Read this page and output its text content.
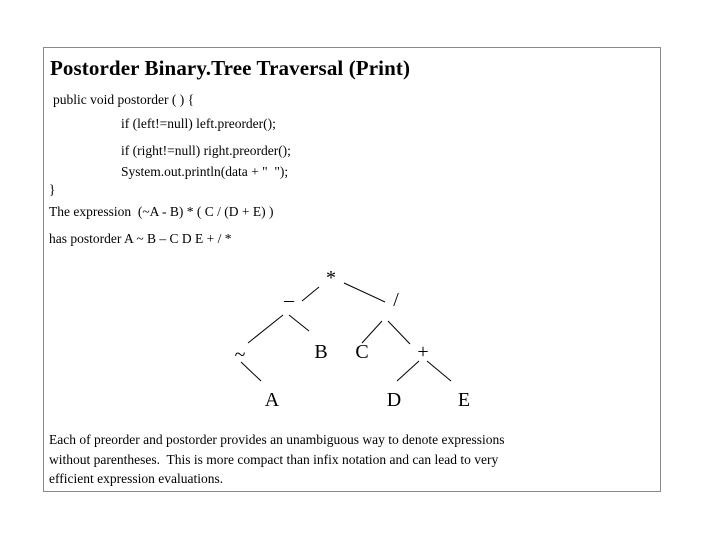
Postorder Binary.Tree Traversal (Print)
public void postorder ( ) {
if (left!=null) left.preorder();
if (right!=null) right.preorder();
System.out.println(data + "  ");
}
The expression  (~A - B) * ( C / (D + E) )
has postorder A ~ B – C D E + / *
*
–	/
~	B C +
A	D	E
Each of preorder and postorder provides an unambiguous way to denote expressions
without parentheses.  This is more compact than infix notation and can lead to very
efficient expression evaluations.
